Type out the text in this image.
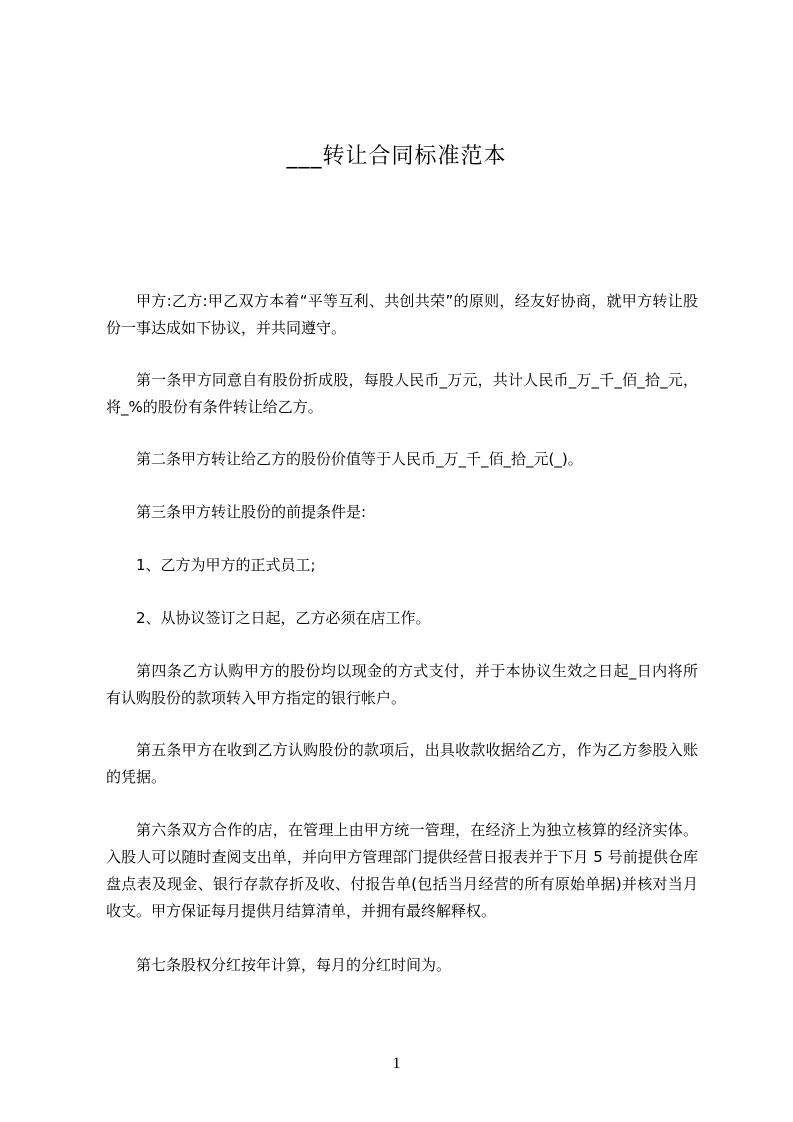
___转让合同标准范本

甲方:乙方:甲乙双方本着“平等互利、共创共荣”的原则，经友好协商，就甲方转让股份一事达成如下协议，并共同遵守。

第一条甲方同意自有股份折成股，每股人民币_万元，共计人民币_万_千_佰_拾_元，将_%的股份有条件转让给乙方。

第二条甲方转让给乙方的股份价值等于人民币_万_千_佰_拾_元(_)。

第三条甲方转让股份的前提条件是:

1、乙方为甲方的正式员工;

2、从协议签订之日起，乙方必须在店工作。

第四条乙方认购甲方的股份均以现金的方式支付，并于本协议生效之日起_日内将所有认购股份的款项转入甲方指定的银行帐户。

第五条甲方在收到乙方认购股份的款项后，出具收款收据给乙方，作为乙方参股入账的凭据。

第六条双方合作的店，在管理上由甲方统一管理，在经济上为独立核算的经济实体。入股人可以随时查阅支出单，并向甲方管理部门提供经营日报表并于下月 5 号前提供仓库盘点表及现金、银行存款存折及收、付报告单(包括当月经营的所有原始单据)并核对当月收支。甲方保证每月提供月结算清单，并拥有最终解释权。

第七条股权分红按年计算，每月的分红时间为。

1
